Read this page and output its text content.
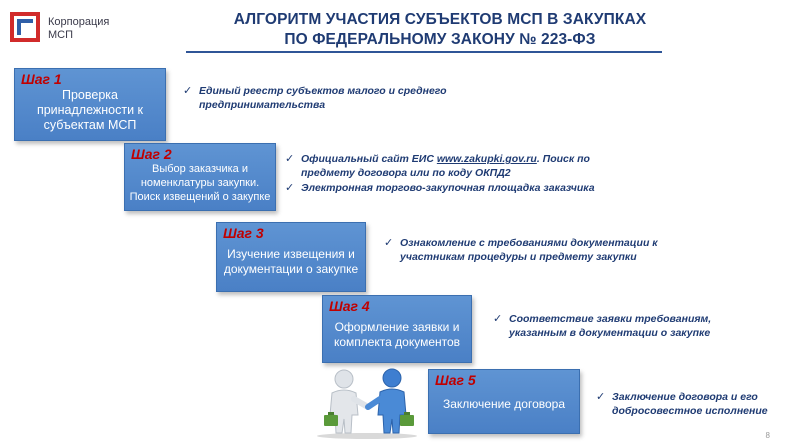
Корпорация
МСП
АЛГОРИТМ УЧАСТИЯ СУБЪЕКТОВ МСП В ЗАКУПКАХ
ПО ФЕДЕРАЛЬНОМУ ЗАКОНУ № 223-ФЗ
Шаг 1
Проверка
принадлежности к
субъектам МСП
✓ Единый реестр субъектов малого и среднего
предпринимательства
Шаг 2
Выбор заказчика и
номенклатуры закупки.
Поиск извещений о закупке
✓ Официальный сайт ЕИС www.zakupki.gov.ru. Поиск по
предмету договора или по коду ОКПД2
✓ Электронная торгово-закупочная площадка заказчика
Шаг 3
Изучение извещения и
документации о закупке
✓ Ознакомление с требованиями документации к
участникам процедуры и предмету закупки
Шаг 4
Оформление заявки и
комплекта документов
✓ Соответствие заявки требованиям,
указанным в документации о закупке
Шаг 5
Заключение договора	✓ Заключение договора и его
добросовестное исполнение
8
